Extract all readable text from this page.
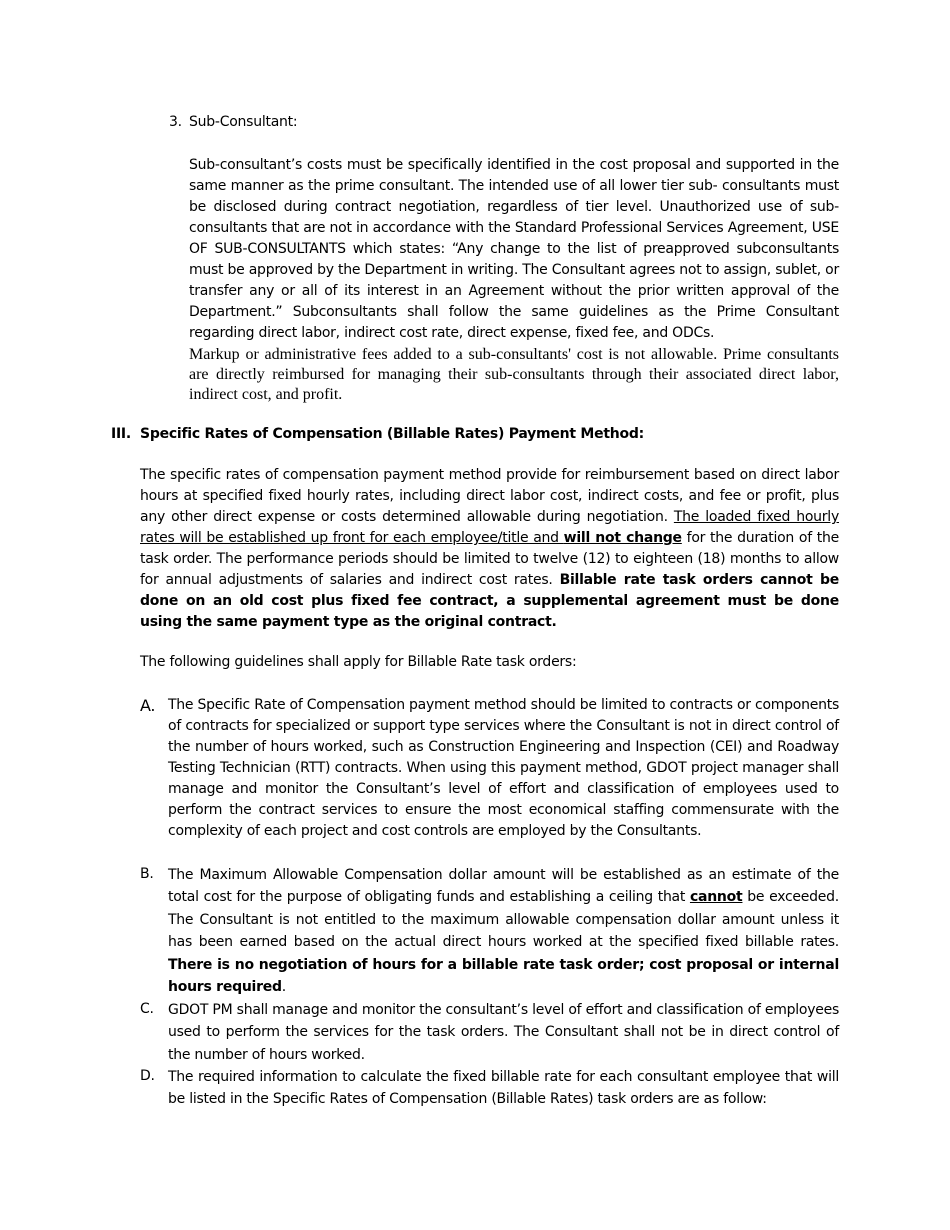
3. Sub-Consultant:

Sub-consultant’s costs must be specifically identified in the cost proposal and supported in the same manner as the prime consultant. The intended use of all lower tier sub- consultants must be disclosed during contract negotiation, regardless of tier level. Unauthorized use of sub-consultants that are not in accordance with the Standard Professional Services Agreement, USE OF SUB-CONSULTANTS which states: “Any change to the list of preapproved subconsultants must be approved by the Department in writing. The Consultant agrees not to assign, sublet, or transfer any or all of its interest in an Agreement without the prior written approval of the Department.” Subconsultants shall follow the same guidelines as the Prime Consultant regarding direct labor, indirect cost rate, direct expense, fixed fee, and ODCs.

Markup or administrative fees added to a sub-consultants' cost is not allowable. Prime consultants are directly reimbursed for managing their sub-consultants through their associated direct labor, indirect cost, and profit.

III. Specific Rates of Compensation (Billable Rates) Payment Method:

The specific rates of compensation payment method provide for reimbursement based on direct labor hours at specified fixed hourly rates, including direct labor cost, indirect costs, and fee or profit, plus any other direct expense or costs determined allowable during negotiation. The loaded fixed hourly rates will be established up front for each employee/title and will not change for the duration of the task order. The performance periods should be limited to twelve (12) to eighteen (18) months to allow for annual adjustments of salaries and indirect cost rates. Billable rate task orders cannot be done on an old cost plus fixed fee contract, a supplemental agreement must be done using the same payment type as the original contract.

The following guidelines shall apply for Billable Rate task orders:
A. The Specific Rate of Compensation payment method should be limited to contracts or components of contracts for specialized or support type services where the Consultant is not in direct control of the number of hours worked, such as Construction Engineering and Inspection (CEI) and Roadway Testing Technician (RTT) contracts. When using this payment method, GDOT project manager shall manage and monitor the Consultant’s level of effort and classification of employees used to perform the contract services to ensure the most economical staffing commensurate with the complexity of each project and cost controls are employed by the Consultants.

B. The Maximum Allowable Compensation dollar amount will be established as an estimate of the total cost for the purpose of obligating funds and establishing a ceiling that cannot be exceeded. The Consultant is not entitled to the maximum allowable compensation dollar amount unless it has been earned based on the actual direct hours worked at the specified fixed billable rates. There is no negotiation of hours for a billable rate task order; cost proposal or internal hours required.

C. GDOT PM shall manage and monitor the consultant’s level of effort and classification of employees used to perform the services for the task orders. The Consultant shall not be in direct control of the number of hours worked.

D. The required information to calculate the fixed billable rate for each consultant employee that will be listed in the Specific Rates of Compensation (Billable Rates) task orders are as follow:
